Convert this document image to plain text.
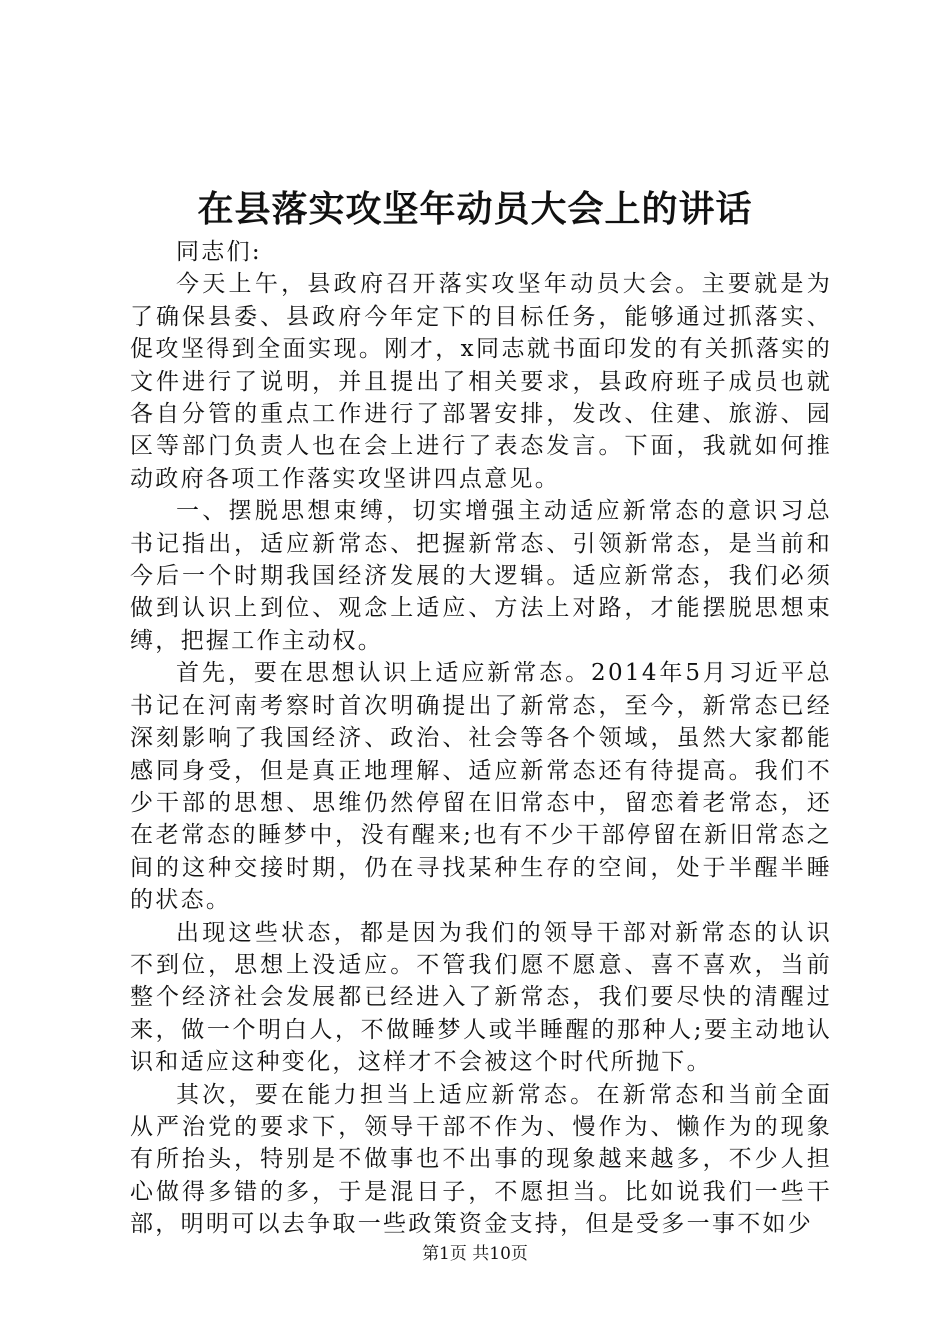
在县落实攻坚年动员大会上的讲话

同志们:

今天上午，县政府召开落实攻坚年动员大会。主要就是为了确保县委、县政府今年定下的目标任务，能够通过抓落实、促攻坚得到全面实现。刚才，x同志就书面印发的有关抓落实的文件进行了说明，并且提出了相关要求，县政府班子成员也就各自分管的重点工作进行了部署安排，发改、住建、旅游、园区等部门负责人也在会上进行了表态发言。下面，我就如何推动政府各项工作落实攻坚讲四点意见。

一、摆脱思想束缚，切实增强主动适应新常态的意识习总书记指出，适应新常态、把握新常态、引领新常态，是当前和今后一个时期我国经济发展的大逻辑。适应新常态，我们必须做到认识上到位、观念上适应、方法上对路，才能摆脱思想束缚，把握工作主动权。

首先，要在思想认识上适应新常态。2014年5月习近平总书记在河南考察时首次明确提出了新常态，至今，新常态已经深刻影响了我国经济、政治、社会等各个领域，虽然大家都能感同身受，但是真正地理解、适应新常态还有待提高。我们不少干部的思想、思维仍然停留在旧常态中，留恋着老常态，还在老常态的睡梦中，没有醒来;也有不少干部停留在新旧常态之间的这种交接时期，仍在寻找某种生存的空间，处于半醒半睡的状态。

出现这些状态，都是因为我们的领导干部对新常态的认识不到位，思想上没适应。不管我们愿不愿意、喜不喜欢，当前整个经济社会发展都已经进入了新常态，我们要尽快的清醒过来，做一个明白人，不做睡梦人或半睡醒的那种人;要主动地认识和适应这种变化，这样才不会被这个时代所抛下。

其次，要在能力担当上适应新常态。在新常态和当前全面从严治党的要求下，领导干部不作为、慢作为、懒作为的现象有所抬头，特别是不做事也不出事的现象越来越多，不少人担心做得多错的多，于是混日子，不愿担当。比如说我们一些干部，明明可以去争取一些政策资金支持，但是受多一事不如少

第1页 共10页
